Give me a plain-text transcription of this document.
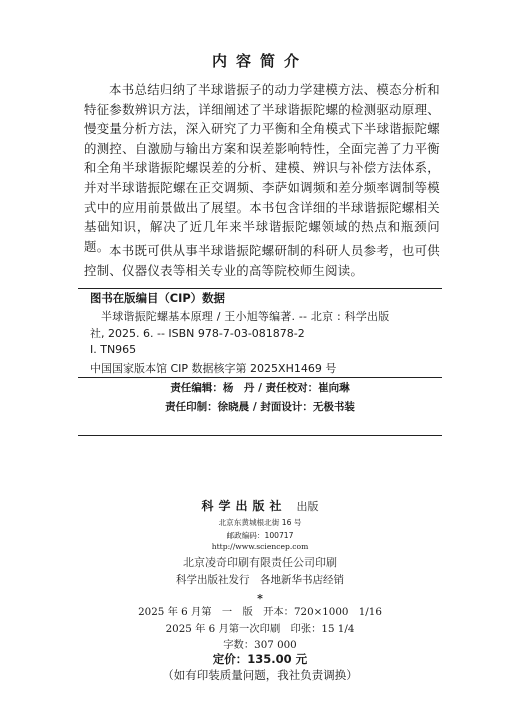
内容简介
本书总结归纳了半球谐振子的动力学建模方法、模态分析和特征参数辨识方法，详细阐述了半球谐振陀螺的检测驱动原理、慢变量分析方法，深入研究了力平衡和全角模式下半球谐振陀螺的测控、自激励与输出方案和误差影响特性，全面完善了力平衡和全角半球谐振陀螺误差的分析、建模、辨识与补偿方法体系，并对半球谐振陀螺在正交调频、李萨如调频和差分频率调制等模式中的应用前景做出了展望。本书包含详细的半球谐振陀螺相关基础知识，解决了近几年来半球谐振陀螺领域的热点和瓶颈问题。 本书既可供从事半球谐振陀螺研制的科研人员参考，也可供控制、仪器仪表等相关专业的高等院校师生阅读。
图书在版编目（CIP）数据
半球谐振陀螺基本原理 / 王小旭等编著. -- 北京 : 科学出版
社, 2025. 6. -- ISBN 978-7-03-081878-2
Ⅰ. TN965
中国国家版本馆 CIP 数据核字第 2025XH1469 号
责任编辑：杨　丹 / 责任校对：崔向琳
责任印制：徐晓晨 / 封面设计：无极书装
科学出版社 出版
北京东黄城根北街 16 号
邮政编码：100717
http://www.sciencep.com
北京凌奇印刷有限责任公司印刷
科学出版社发行　各地新华书店经销
*
2025 年 6 月第　一　版　开本：720×1000　1/16
2025 年 6 月第一次印刷　印张：15 1/4
字数：307 000
定价：135.00 元
（如有印装质量问题，我社负责调换）
